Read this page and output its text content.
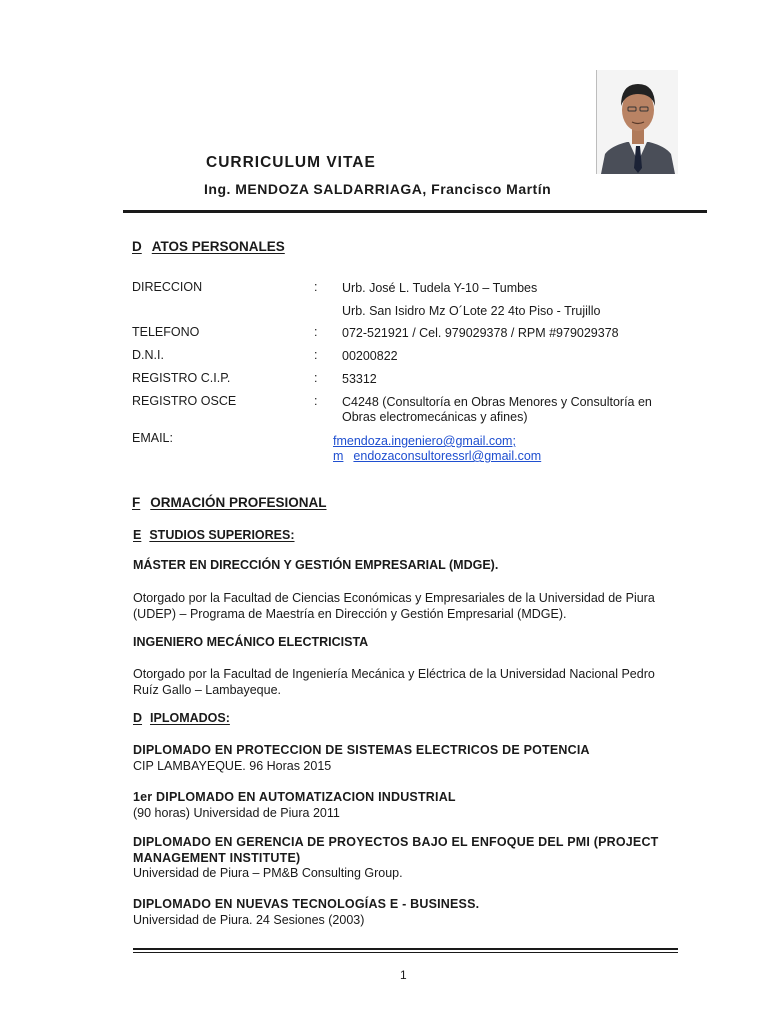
CURRICULUM VITAE
Ing. MENDOZA SALDARRIAGA, Francisco Martín
D ATOS PERSONALES
DIRECCION	: Urb. José L. Tudela Y-10 – Tumbes
Urb. San Isidro Mz O´Lote 22 4to Piso - Trujillo
TELEFONO	: 072-521921 / Cel. 979029378 / RPM #979029378
D.N.I.	: 00200822
REGISTRO C.I.P.	: 53312
REGISTRO OSCE	: C4248 (Consultoría en Obras Menores y Consultoría en
Obras electromecánicas y afines)
EMAIL:	fmendoza.ingeniero@gmail.com;
m endozaconsultoressrl@gmail.com
F ORMACIÓN PROFESIONAL
E STUDIOS SUPERIORES:
MÁSTER EN DIRECCIÓN Y GESTIÓN EMPRESARIAL (MDGE).
Otorgado por la Facultad de Ciencias Económicas y Empresariales de la Universidad de Piura
(UDEP) – Programa de Maestría en Dirección y Gestión Empresarial (MDGE).
INGENIERO MECÁNICO ELECTRICISTA
Otorgado por la Facultad de Ingeniería Mecánica y Eléctrica de la Universidad Nacional Pedro
Ruíz Gallo – Lambayeque.
D IPLOMADOS:
DIPLOMADO EN PROTECCION DE SISTEMAS ELECTRICOS DE POTENCIA
CIP LAMBAYEQUE. 96 Horas 2015
1er DIPLOMADO EN AUTOMATIZACION INDUSTRIAL
(90 horas) Universidad de Piura 2011
DIPLOMADO EN GERENCIA DE PROYECTOS BAJO EL ENFOQUE DEL PMI (PROJECT
MANAGEMENT INSTITUTE)
Universidad de Piura – PM&B Consulting Group.
DIPLOMADO EN NUEVAS TECNOLOGÍAS E - BUSINESS.
Universidad de Piura. 24 Sesiones (2003)
1
